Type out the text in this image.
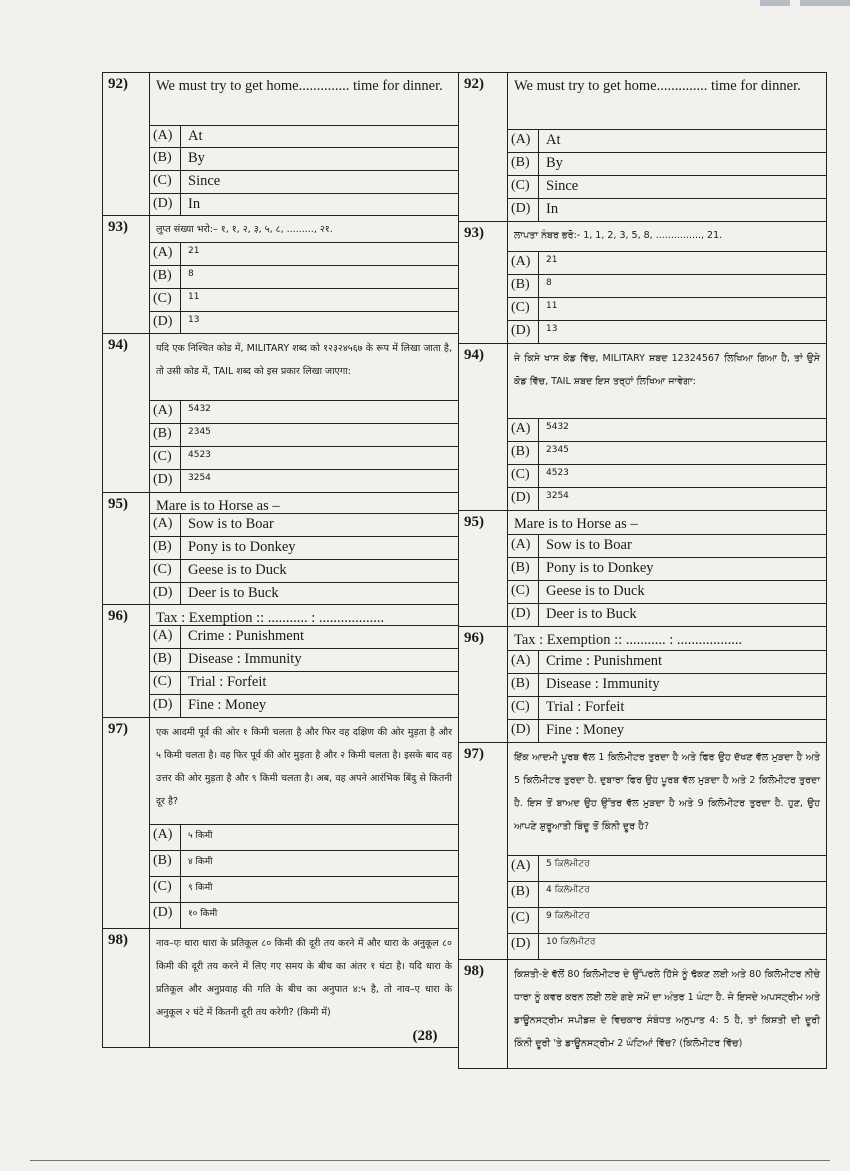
92)	We must try to get home.............. time for dinner.
(A)	At
(B)	By
(C)	Since
(D)	In
93)	लुप्त संख्या भरो:– १, १, २, ३, ५, ८, ........., २१.
(A)	21
(B)	8
(C)	11
(D)	13
94)	यदि एक निश्चित कोड में, MILITARY शब्द को १२३२४५६७ के रूप में लिखा जाता है, तो उसी कोड में, TAIL शब्द को इस प्रकार लिखा जाएगा:
(A)	5432
(B)	2345
(C)	4523
(D)	3254
95)	Mare is to Horse as –
(A)	Sow is to Boar
(B)	Pony is to Donkey
(C)	Geese is to Duck
(D)	Deer is to Buck
96)	Tax : Exemption :: ........... : ..................
(A)	Crime : Punishment
(B)	Disease : Immunity
(C)	Trial : Forfeit
(D)	Fine : Money
97)	एक आदमी पूर्व की ओर १ किमी चलता है और फिर वह दक्षिण की ओर मुड़ता है और ५ किमी चलता है। वह फिर पूर्व की ओर मुड़ता है और २ किमी चलता है। इसके बाद वह उत्तर की ओर मुड़ता है और ९ किमी चलता है। अब, वह अपने आरंभिक बिंदु से कितनी दूर है?
(A)	५ किमी
(B)	४ किमी
(C)	९ किमी
(D)	१० किमी
98)	नाव–एः धारा धारा के प्रतिकूल ८० किमी की दूरी तय करने में और धारा के अनुकूल ८० किमी की दूरी तय करने में लिए गए समय के बीच का अंतर १ घंटा है। यदि धारा के प्रतिकूल और अनुप्रवाह की गति के बीच का अनुपात ४:५ है, तो नाव–ए धारा के अनुकूल २ घंटे में कितनी दूरी तय करेगी? (किमी में)
92)	We must try to get home.............. time for dinner.
(A)	At
(B)	By
(C)	Since
(D)	In
93)	ਲਾਪਤਾ ਨੰਬਰ ਭਰੋ:- 1, 1, 2, 3, 5, 8, ..............., 21.
(A)	21
(B)	8
(C)	11
(D)	13
94)	ਜੇ ਕਿਸੇ ਖਾਸ ਕੋਡ ਵਿੱਚ, MILITARY ਸ਼ਬਦ 12324567 ਲਿਖਿਆ ਗਿਆ ਹੈ, ਤਾਂ ਉਸੇ ਕੋਡ ਵਿੱਚ, TAIL ਸ਼ਬਦ ਇਸ ਤਰ੍ਹਾਂ ਲਿਖਿਆ ਜਾਵੇਗਾ:
(A)	5432
(B)	2345
(C)	4523
(D)	3254
95)	Mare is to Horse as –
(A)	Sow is to Boar
(B)	Pony is to Donkey
(C)	Geese is to Duck
(D)	Deer is to Buck
96)	Tax : Exemption :: ........... : ..................
(A)	Crime : Punishment
(B)	Disease : Immunity
(C)	Trial : Forfeit
(D)	Fine : Money
97)	ਇੱਕ ਆਦਮੀ ਪੂਰਬ ਵੱਲ 1 ਕਿਲੋਮੀਟਰ ਤੁਰਦਾ ਹੈ ਅਤੇ ਫਿਰ ਉਹ ਦੱਖਣ ਵੱਲ ਮੁੜਦਾ ਹੈ ਅਤੇ 5 ਕਿਲੋਮੀਟਰ ਤੁਰਦਾ ਹੈ. ਦੁਬਾਰਾ ਫਿਰ ਉਹ ਪੂਰਬ ਵੱਲ ਮੁੜਦਾ ਹੈ ਅਤੇ 2 ਕਿਲੋਮੀਟਰ ਤੁਰਦਾ ਹੈ. ਇਸ ਤੋਂ ਬਾਅਦ ਉਹ ਉੱਤਰ ਵੱਲ ਮੁੜਦਾ ਹੈ ਅਤੇ 9 ਕਿਲੋਮੀਟਰ ਤੁਰਦਾ ਹੈ. ਹੁਣ, ਉਹ ਆਪਣੇ ਸ਼ੁਰੂਆਤੀ ਬਿੰਦੂ ਤੋਂ ਕਿੰਨੀ ਦੂਰ ਹੈ?
(A)	5 ਕਿਲੋਮੀਟਰ
(B)	4 ਕਿਲੋਮੀਟਰ
(C)	9 ਕਿਲੋਮੀਟਰ
(D)	10 ਕਿਲੋਮੀਟਰ
98)	ਕਿਸ਼ਤੀ-ਏ ਵੱਲੋਂ 80 ਕਿਲੋਮੀਟਰ ਦੇ ਉੱਪਰਲੇ ਹਿੱਸੇ ਨੂੰ ਢੱਕਣ ਲਈ ਅਤੇ 80 ਕਿਲੋਮੀਟਰ ਨੀਚੇ ਧਾਰਾ ਨੂੰ ਕਵਰ ਕਰਨ ਲਈ ਲਏ ਗਏ ਸਮੇਂ ਦਾ ਅੰਤਰ 1 ਘੰਟਾ ਹੈ. ਜੇ ਇਸਦੇ ਅਪਸਟ੍ਰੀਮ ਅਤੇ ਡਾਊਨਸਟ੍ਰੀਮ ਸਪੀਡਜ਼ ਦੇ ਵਿਚਕਾਰ ਸੰਬੰਧਤ ਅਨੁਪਾਤ 4: 5 ਹੈ, ਤਾਂ ਕਿਸ਼ਤੀ ਦੀ ਦੂਰੀ ਕਿੰਨੀ ਦੂਰੀ 'ਤੇ ਡਾਊਨਸਟ੍ਰੀਮ 2 ਘੰਟਿਆਂ ਵਿੱਚ? (ਕਿਲੋਮੀਟਰ ਵਿੱਚ)
(28)
